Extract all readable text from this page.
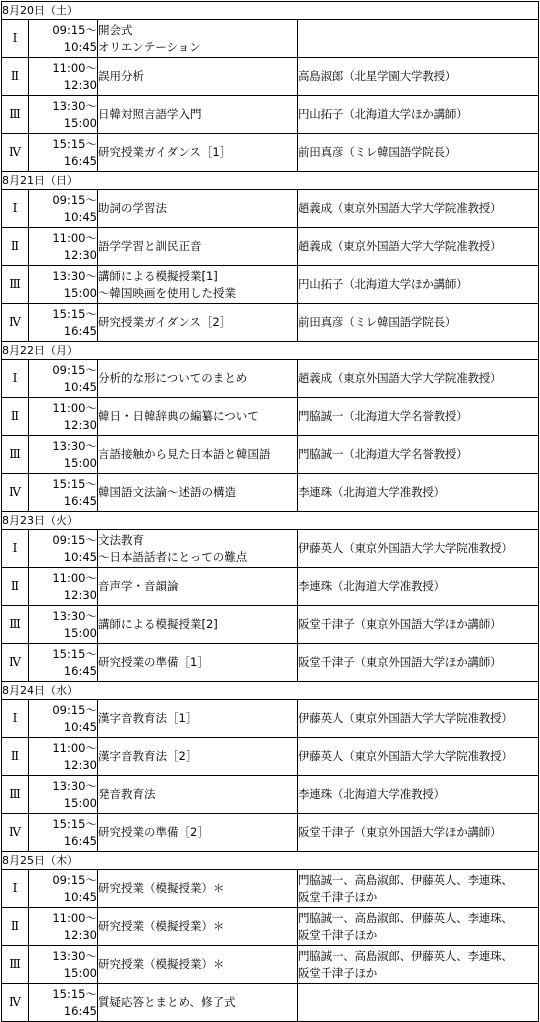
8月20日（土）			
Ⅰ	09:15～
10:45	開会式
オリエンテーション	

Ⅱ	11:00～
12:30	誤用分析	高島淑郎（北星学園大学教授）

Ⅲ	13:30～
15:00	日韓対照言語学入門	円山拓子（北海道大学ほか講師）

Ⅳ	15:15～
16:45	研究授業ガイダンス［1］	前田真彦（ミレ韓国語学院長）

8月21日（日）			
Ⅰ	09:15～
10:45	助詞の学習法	趙義成（東京外国語大学大学院准教授）

Ⅱ	11:00～
12:30	語学学習と訓民正音	趙義成（東京外国語大学大学院准教授）

Ⅲ	13:30～
15:00	講師による模擬授業[1]
～韓国映画を使用した授業	円山拓子（北海道大学ほか講師）

Ⅳ	15:15～
16:45	研究授業ガイダンス［2］	前田真彦（ミレ韓国語学院長）

8月22日（月）			
Ⅰ	09:15～
10:45	分析的な形についてのまとめ	趙義成（東京外国語大学大学院准教授）

Ⅱ	11:00～
12:30	韓日・日韓辞典の編纂について	門脇誠一（北海道大学名誉教授）

Ⅲ	13:30～
15:00	言語接触から見た日本語と韓国語	門脇誠一（北海道大学名誉教授）

Ⅳ	15:15～
16:45	韓国語文法論～述語の構造	李連珠（北海道大学准教授）

8月23日（火）			
Ⅰ	09:15～
10:45	文法教育
～日本語話者にとっての難点	伊藤英人（東京外国語大学大学院准教授）

Ⅱ	11:00～
12:30	音声学・音韻論	李連珠（北海道大学准教授）

Ⅲ	13:30～
15:00	講師による模擬授業[2]	阪堂千津子（東京外国語大学ほか講師）

Ⅳ	15:15～
16:45	研究授業の準備［1］	阪堂千津子（東京外国語大学ほか講師）

8月24日（水）			
Ⅰ	09:15～
10:45	漢字音教育法［1］	伊藤英人（東京外国語大学大学院准教授）

Ⅱ	11:00～
12:30	漢字音教育法［2］	伊藤英人（東京外国語大学大学院准教授）

Ⅲ	13:30～
15:00	発音教育法	李連珠（北海道大学准教授）

Ⅳ	15:15～
16:45	研究授業の準備［2］	阪堂千津子（東京外国語大学ほか講師）

8月25日（木）			
Ⅰ	09:15～
10:45	研究授業（模擬授業）＊	門脇誠一、高島淑郎、伊藤英人、李連珠、
阪堂千津子ほか

Ⅱ	11:00～
12:30	研究授業（模擬授業）＊	門脇誠一、高島淑郎、伊藤英人、李連珠、
阪堂千津子ほか

Ⅲ	13:30～
15:00	研究授業（模擬授業）＊	門脇誠一、高島淑郎、伊藤英人、李連珠、
阪堂千津子ほか

Ⅳ	15:15～
16:45	質疑応答とまとめ、修了式	
